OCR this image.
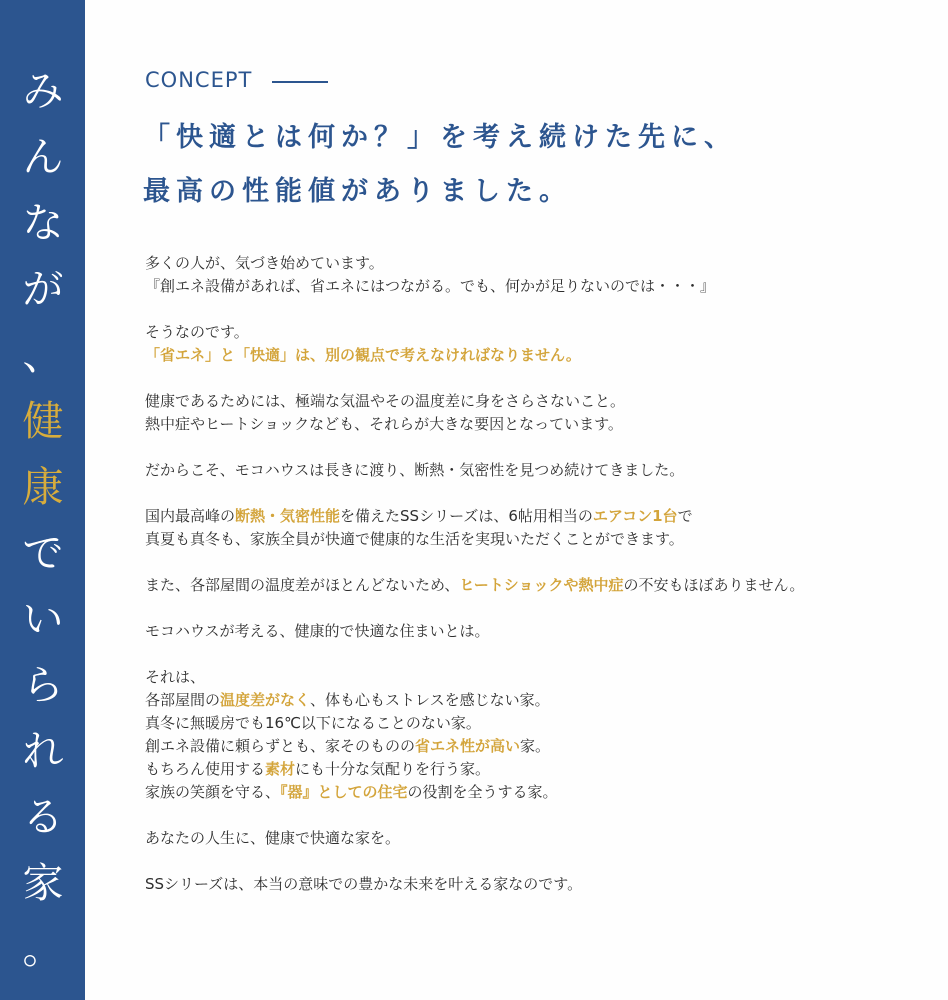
み
ん
な
が
、
健
康
で
い
ら
れ
る
家
。
CONCEPT
「快適とは何か？」を考え続けた先に、
最高の性能値がありました。

多くの人が、気づき始めています。

『創エネ設備があれば、省エネにはつながる。でも、何かが足りないのでは・・・』

そうなのです。

「省エネ」と「快適」は、別の観点で考えなければなりません。

健康であるためには、極端な気温やその温度差に身をさらさないこと。

熱中症やヒートショックなども、それらが大きな要因となっています。

だからこそ、モコハウスは長きに渡り、断熱・気密性を見つめ続けてきました。

国内最高峰の断熱・気密性能を備えたSSシリーズは、6帖用相当のエアコン1台で

真夏も真冬も、家族全員が快適で健康的な生活を実現いただくことができます。

また、各部屋間の温度差がほとんどないため、ヒートショックや熱中症の不安もほぼありません。

モコハウスが考える、健康的で快適な住まいとは。

それは、

各部屋間の温度差がなく、体も心もストレスを感じない家。

真冬に無暖房でも16℃以下になることのない家。

創エネ設備に頼らずとも、家そのものの省エネ性が高い家。

もちろん使用する素材にも十分な気配りを行う家。

家族の笑顔を守る、『器』としての住宅の役割を全うする家。

あなたの人生に、健康で快適な家を。

SSシリーズは、本当の意味での豊かな未来を叶える家なのです。
